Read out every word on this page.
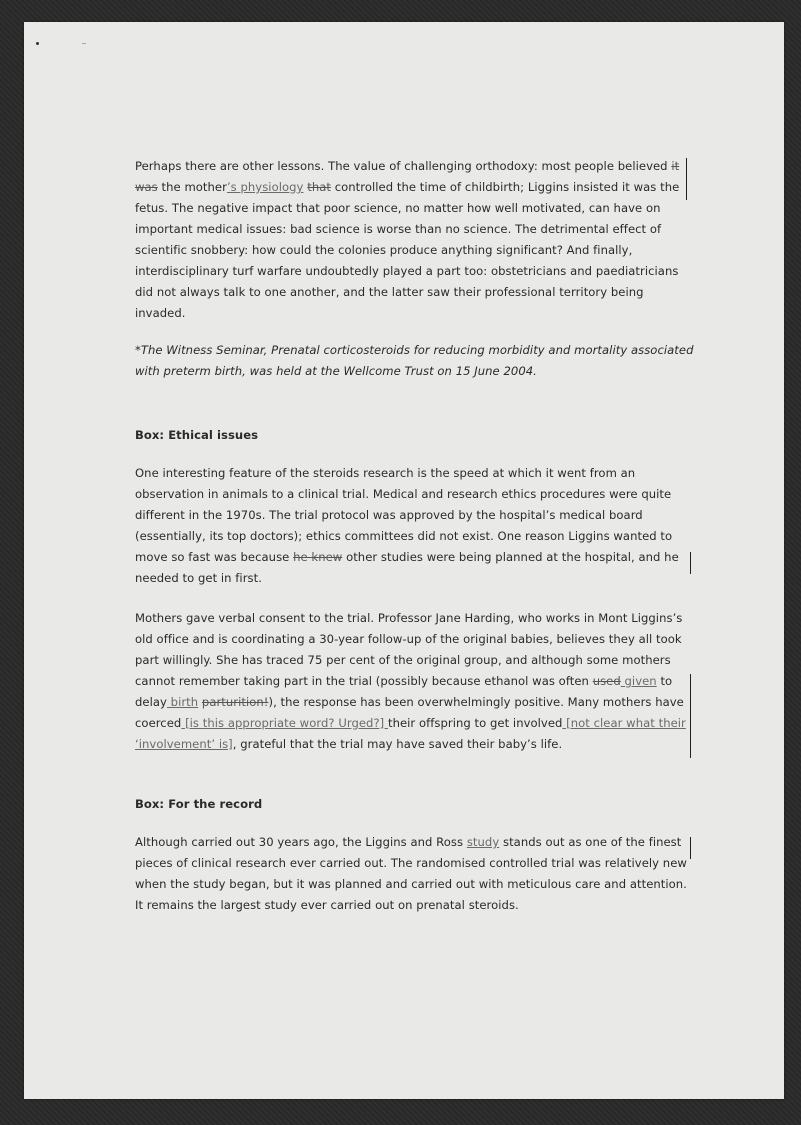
Perhaps there are other lessons. The value of challenging orthodoxy: most people believed it was the mother’s physiology that controlled the time of childbirth; Liggins insisted it was the fetus. The negative impact that poor science, no matter how well motivated, can have on important medical issues: bad science is worse than no science. The detrimental effect of scientific snobbery: how could the colonies produce anything significant? And finally, interdisciplinary turf warfare undoubtedly played a part too: obstetricians and paediatricians did not always talk to one another, and the latter saw their professional territory being invaded.

*The Witness Seminar, Prenatal corticosteroids for reducing morbidity and mortality associated with preterm birth, was held at the Wellcome Trust on 15 June 2004.

Box: Ethical issues

One interesting feature of the steroids research is the speed at which it went from an observation in animals to a clinical trial. Medical and research ethics procedures were quite different in the 1970s. The trial protocol was approved by the hospital’s medical board (essentially, its top doctors); ethics committees did not exist. One reason Liggins wanted to move so fast was because he knew other studies were being planned at the hospital, and he needed to get in first.

Mothers gave verbal consent to the trial. Professor Jane Harding, who works in Mont Liggins’s old office and is coordinating a 30-year follow-up of the original babies, believes they all took part willingly. She has traced 75 per cent of the original group, and although some mothers cannot remember taking part in the trial (possibly because ethanol was often used given to delay birth parturition!), the response has been overwhelmingly positive. Many mothers have coerced [is this appropriate word? Urged?] their offspring to get involved [not clear what their ‘involvement’ is], grateful that the trial may have saved their baby’s life.

Box: For the record

Although carried out 30 years ago, the Liggins and Ross study stands out as one of the finest pieces of clinical research ever carried out. The randomised controlled trial was relatively new when the study began, but it was planned and carried out with meticulous care and attention. It remains the largest study ever carried out on prenatal steroids.
